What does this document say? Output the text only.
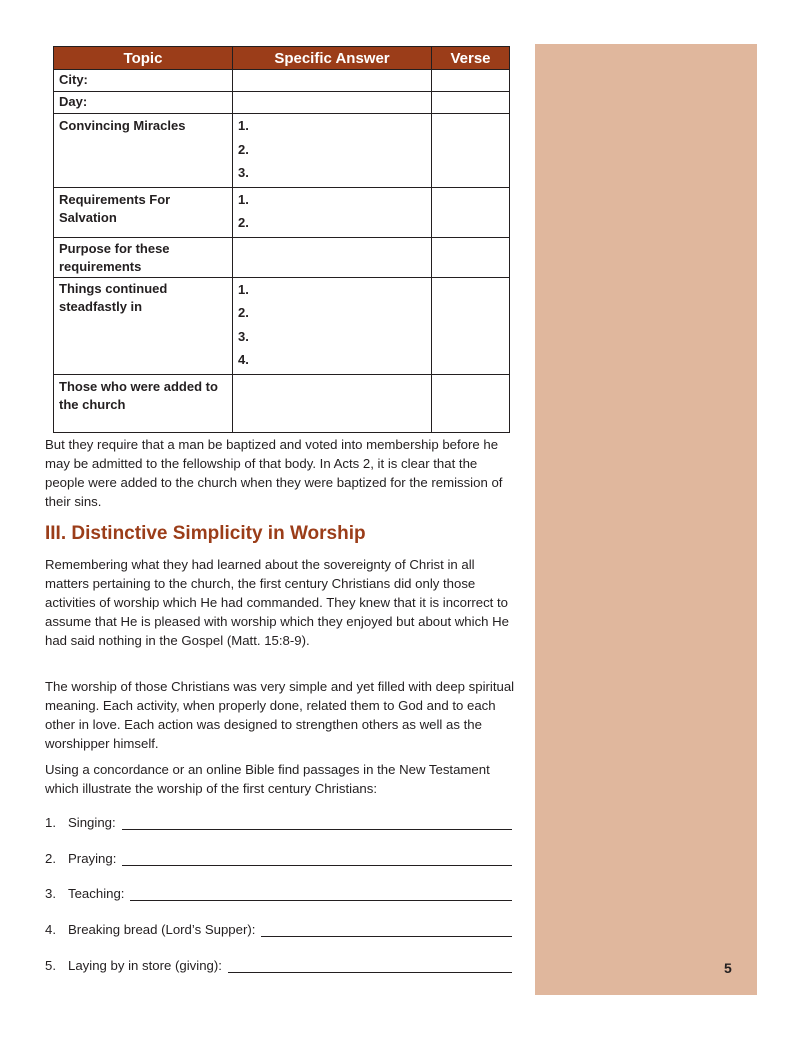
5
Topic	Specific Answer	Verse
City:		
Day:		
Convincing Miracles	1.
2.
3.	

Requirements For Salvation	1.
2.	

Purpose for these requirements		
Things continued steadfastly in	1.
2.
3.
4.	

Those who were added to the church		

But they require that a man be baptized and voted into membership before he may be admitted to the fellowship of that body. In Acts 2, it is clear that the people were added to the church when they were baptized for the remission of their sins.

III. Distinctive Simplicity in Worship

Remembering what they had learned about the sovereignty of Christ in all matters pertaining to the church, the first century Christians did only those activities of worship which He had commanded. They knew that it is incorrect to assume that He is pleased with worship which they enjoyed but about which He had said nothing in the Gospel (Matt. 15:8-9).

The worship of those Christians was very simple and yet filled with deep spiritual meaning. Each activity, when properly done, related them to God and to each other in love. Each action was designed to strengthen others as well as the worshipper himself.

Using a concordance or an online Bible find passages in the New Testament which illustrate the worship of the first century Christians:

1. Singing:
2. Praying:
3. Teaching:
4. Breaking bread (Lord’s Supper):
5. Laying by in store (giving):
